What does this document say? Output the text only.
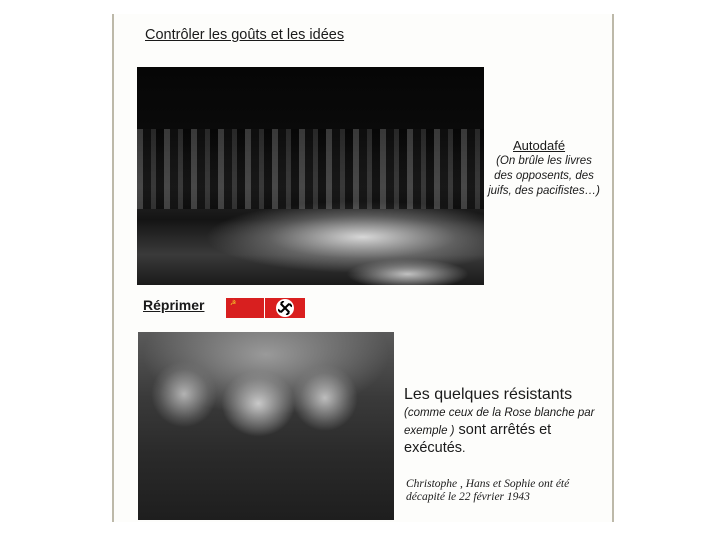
Contrôler les goûts et les idées
Autodafé
(On brûle les livres des opposents, des juifs, des pacifistes…)
Réprimer	☭
Les quelques résistants
(comme ceux de la Rose blanche par exemple ) sont arrêtés et exécutés.
Christophe , Hans et Sophie ont été décapité le 22 février 1943
